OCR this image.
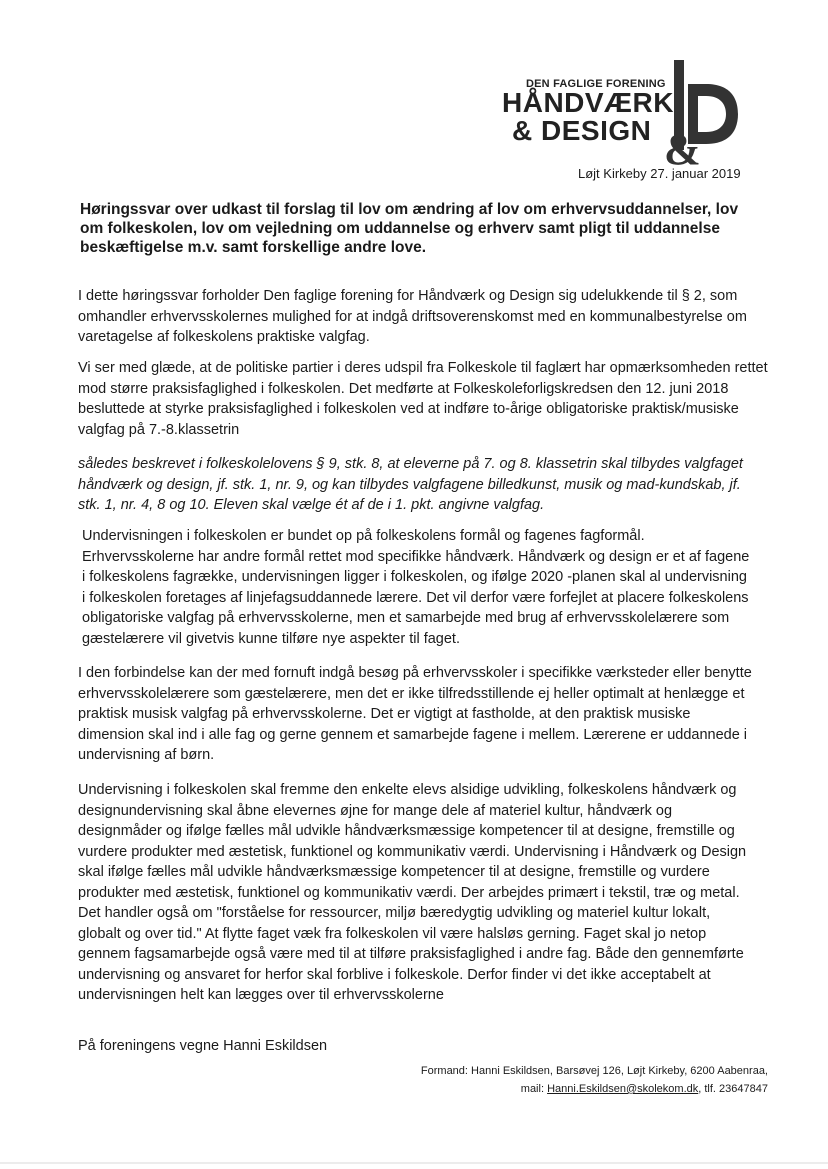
DEN FAGLIGE FORENING
HÅNDVÆRK
& DESIGN &
Løjt Kirkeby 27. januar 2019

Høringssvar over udkast til forslag til lov om ændring af lov om erhvervsuddannelser, lov om folkeskolen, lov om vejledning om uddannelse og erhverv samt pligt til uddannelse beskæftigelse m.v. samt forskellige andre love.

I dette høringssvar forholder Den faglige forening for Håndværk og Design sig udelukkende til § 2, som omhandler erhvervsskolernes mulighed for at indgå driftsoverenskomst med en kommunalbestyrelse om varetagelse af folkeskolens praktiske valgfag.

Vi ser med glæde, at de politiske partier i deres udspil fra Folkeskole til faglært har opmærksomheden rettet mod større praksisfaglighed i folkeskolen. Det medførte at Folkeskoleforligskredsen den 12. juni 2018 besluttede at styrke praksisfaglighed i folkeskolen ved at indføre to-årige obligatoriske praktisk/musiske valgfag på 7.-8.klassetrin

således beskrevet i folkeskolelovens § 9, stk. 8, at eleverne på 7. og 8. klassetrin skal tilbydes valgfaget håndværk og design, jf. stk. 1, nr. 9, og kan tilbydes valgfagene billedkunst, musik og mad-kundskab, jf. stk. 1, nr. 4, 8 og 10. Eleven skal vælge ét af de i 1. pkt. angivne valgfag.

Undervisningen i folkeskolen er bundet op på folkeskolens formål og fagenes fagformål. Erhvervsskolerne har andre formål rettet mod specifikke håndværk. Håndværk og design er et af fagene i folkeskolens fagrække, undervisningen ligger i folkeskolen, og ifølge 2020 -planen skal al undervisning i folkeskolen foretages af linjefagsuddannede lærere. Det vil derfor være forfejlet at placere folkeskolens obligatoriske valgfag på erhvervsskolerne, men et samarbejde med brug af erhvervsskolelærere som gæstelærere vil givetvis kunne tilføre nye aspekter til faget.

I den forbindelse kan der med fornuft indgå besøg på erhvervsskoler i specifikke værksteder eller benytte erhvervsskolelærere som gæstelærere, men det er ikke tilfredsstillende ej heller optimalt at henlægge et praktisk musisk valgfag på erhvervsskolerne. Det er vigtigt at fastholde, at den praktisk musiske dimension skal ind i alle fag og gerne gennem et samarbejde fagene i mellem. Lærerene er uddannede i undervisning af børn.

Undervisning i folkeskolen skal fremme den enkelte elevs alsidige udvikling, folkeskolens håndværk og designundervisning skal åbne elevernes øjne for mange dele af materiel kultur, håndværk og designmåder og ifølge fælles mål udvikle håndværksmæssige kompetencer til at designe, fremstille og vurdere produkter med æstetisk, funktionel og kommunikativ værdi. Undervisning i Håndværk og Design skal ifølge fælles mål udvikle håndværksmæssige kompetencer til at designe, fremstille og vurdere produkter med æstetisk, funktionel og kommunikativ værdi. Der arbejdes primært i tekstil, træ og metal. Det handler også om "forståelse for ressourcer, miljø bæredygtig udvikling og materiel kultur lokalt, globalt og over tid." At flytte faget væk fra folkeskolen vil være halsløs gerning. Faget skal jo netop gennem fagsamarbejde også være med til at tilføre praksisfaglighed i andre fag. Både den gennemførte undervisning og ansvaret for herfor skal forblive i folkeskole. Derfor finder vi det ikke acceptabelt at undervisningen helt kan lægges over til erhvervsskolerne

På foreningens vegne Hanni Eskildsen

Formand: Hanni Eskildsen, Barsøvej 126, Løjt Kirkeby, 6200 Aabenraa,
mail: Hanni.Eskildsen@skolekom.dk, tlf. 23647847
